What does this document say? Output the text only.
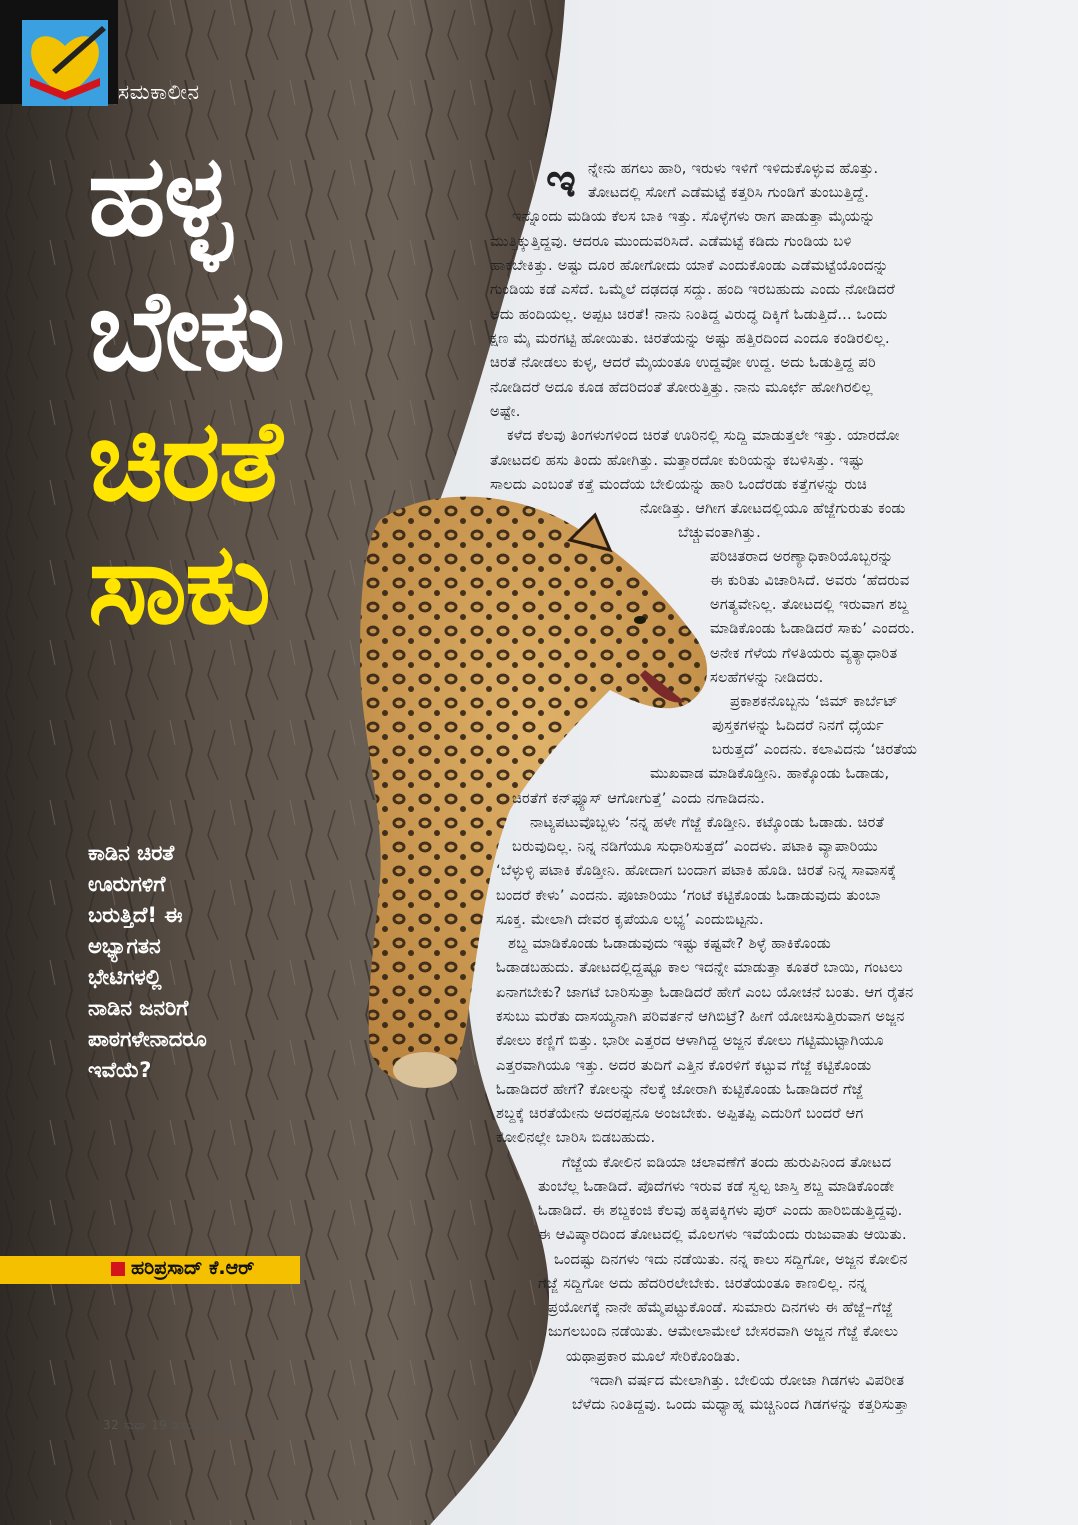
ಸಮಕಾಲೀನ
ಹಳ್ಳ
ಬೇಕು
ಚಿರತೆ
ಸಾಕು
ಕಾಡಿನ ಚಿರತೆ
ಊರುಗಳಿಗೆ
ಬರುತ್ತಿದೆ! ಈ
ಅಭ್ಯಾಗತನ
ಭೇಟಿಗಳಲ್ಲಿ
ನಾಡಿನ ಜನರಿಗೆ
ಪಾಠಗಳೇನಾದರೂ
ಇವೆಯೆ?
ಹರಿಪ್ರಸಾದ್ ಕೆ.ಆರ್
32 ಸುಧಾ 19 ಡಿಸೆಂಬರ್ 2024
ಇ ನ್ನೇನು ಹಗಲು ಹಾರಿ, ಇರುಳು ಇಳಿಗೆ ಇಳಿದುಕೊಳ್ಳುವ ಹೊತ್ತು.
ತೋಟದಲ್ಲಿ ಸೋಗೆ ಎಡೆಮಟ್ಟೆ ಕತ್ತರಿಸಿ ಗುಂಡಿಗೆ ತುಂಬುತ್ತಿದ್ದೆ.
ಇನ್ನೊಂದು ಮಡಿಯ ಕೆಲಸ ಬಾಕಿ ಇತ್ತು. ಸೊಳ್ಳೆಗಳು ರಾಗ ಪಾಡುತ್ತಾ ಮೈಯನ್ನು
ಮುತ್ತಿಕ್ಕುತ್ತಿದ್ದವು. ಆದರೂ ಮುಂದುವರಿಸಿದೆ. ಎಡೆಮಟ್ಟೆ ಕಡಿದು ಗುಂಡಿಯ ಬಳಿ
ಹಾಕಬೇಕಿತ್ತು. ಅಷ್ಟು ದೂರ ಹೋಗೋದು ಯಾಕೆ ಎಂದುಕೊಂಡು ಎಡೆಮಟ್ಟೆಯೊಂದನ್ನು
ಗುಂಡಿಯ ಕಡೆ ಎಸೆದೆ. ಒಮ್ಮೆಲೆ ದಢದಢ ಸದ್ದು. ಹಂದಿ ಇರಬಹುದು ಎಂದು ನೋಡಿದರೆ
ಅದು ಹಂದಿಯಲ್ಲ. ಅಪ್ಪಟ ಚಿರತೆ! ನಾನು ನಿಂತಿದ್ದ ವಿರುದ್ಧ ದಿಕ್ಕಿಗೆ ಓಡುತ್ತಿದೆ... ಒಂದು
ಕ್ಷಣ ಮೈ ಮರಗಟ್ಟಿ ಹೋಯಿತು. ಚಿರತೆಯನ್ನು ಅಷ್ಟು ಹತ್ತಿರದಿಂದ ಎಂದೂ ಕಂಡಿರಲಿಲ್ಲ.
ಚಿರತೆ ನೋಡಲು ಕುಳ್ಳ, ಆದರೆ ಮೈಯಂತೂ ಉದ್ದವೋ ಉದ್ದ. ಅದು ಓಡುತ್ತಿದ್ದ ಪರಿ
ನೋಡಿದರೆ ಅದೂ ಕೂಡ ಹೆದರಿದಂತೆ ತೋರುತ್ತಿತ್ತು. ನಾನು ಮೂರ್ಛೆ ಹೋಗಿರಲಿಲ್ಲ
ಅಷ್ಟೇ.
ಕಳೆದ ಕೆಲವು ತಿಂಗಳುಗಳಿಂದ ಚಿರತೆ ಊರಿನಲ್ಲಿ ಸುದ್ದಿ ಮಾಡುತ್ತಲೇ ಇತ್ತು. ಯಾರದೋ
ತೋಟದಲಿ ಹಸು ತಿಂದು ಹೋಗಿತ್ತು. ಮತ್ತಾರದೋ ಕುರಿಯನ್ನು ಕಬಳಿಸಿತ್ತು. ಇಷ್ಟು
ಸಾಲದು ಎಂಬಂತೆ ಕತ್ತೆ ಮಂದೆಯ ಬೇಲಿಯನ್ನು ಹಾರಿ ಒಂದೆರಡು ಕತ್ತೆಗಳನ್ನು ರುಚಿ
ನೋಡಿತ್ತು. ಆಗೀಗ ತೋಟದಲ್ಲಿಯೂ ಹೆಜ್ಜೆಗುರುತು ಕಂಡು
ಬೆಚ್ಚುವಂತಾಗಿತ್ತು.
ಪರಿಚಿತರಾದ ಅರಣ್ಯಾಧಿಕಾರಿಯೊಬ್ಬರನ್ನು
ಈ ಕುರಿತು ವಿಚಾರಿಸಿದೆ. ಅವರು ‘ಹೆದರುವ
ಅಗತ್ಯವೇನಿಲ್ಲ. ತೋಟದಲ್ಲಿ ಇರುವಾಗ ಶಬ್ದ
ಮಾಡಿಕೊಂಡು ಓಡಾಡಿದರೆ ಸಾಕು’ ಎಂದರು.
ಅನೇಕ ಗೆಳೆಯ ಗೆಳತಿಯರು ವ್ಯತ್ಯಾಧಾರಿತ
ಸಲಹೆಗಳನ್ನು ನೀಡಿದರು.
ಪ್ರಕಾಶಕನೊಬ್ಬನು ‘ಜಿಮ್ ಕಾರ್ಬೆಟ್
ಪುಸ್ತಕಗಳನ್ನು ಓದಿದರೆ ನಿನಗೆ ಧೈರ್ಯ
ಬರುತ್ತದೆ’ ಎಂದನು. ಕಲಾವಿದನು ‘ಚಿರತೆಯ
ಮುಖವಾಡ ಮಾಡಿಕೊಡ್ತೀನಿ. ಹಾಕ್ಕೊಂಡು ಓಡಾಡು,
ಚಿರತೆಗೆ ಕನ್‌ಫ್ಯೂಸ್ ಆಗೋಗುತ್ತೆ’ ಎಂದು ನಗಾಡಿದನು.
ನಾಟ್ಯಪಟುವೊಬ್ಬಳು ‘ನನ್ನ ಹಳೇ ಗೆಜ್ಜೆ ಕೊಡ್ತೀನಿ. ಕಟ್ಕೊಂಡು ಓಡಾಡು. ಚಿರತೆ
ಬರುವುದಿಲ್ಲ. ನಿನ್ನ ನಡಿಗೆಯೂ ಸುಧಾರಿಸುತ್ತದೆ’ ಎಂದಳು. ಪಟಾಕಿ ವ್ಯಾಪಾರಿಯು
‘ಬೆಳ್ಳುಳ್ಳಿ ಪಟಾಕಿ ಕೊಡ್ತೀನಿ. ಹೋದಾಗ ಬಂದಾಗ ಪಟಾಕಿ ಹೊಡಿ. ಚಿರತೆ ನಿನ್ನ ಸಾವಾಸಕ್ಕೆ
ಬಂದರೆ ಕೇಳು’ ಎಂದನು. ಪೂಜಾರಿಯು ‘ಗಂಟೆ ಕಟ್ಟಿಕೊಂಡು ಓಡಾಡುವುದು ತುಂಬಾ
ಸೂಕ್ತ. ಮೇಲಾಗಿ ದೇವರ ಕೃಪೆಯೂ ಲಭ್ಯ’ ಎಂದುಬಿಟ್ಟನು.
ಶಬ್ದ ಮಾಡಿಕೊಂಡು ಓಡಾಡುವುದು ಇಷ್ಟು ಕಷ್ಟವೇ? ಶಿಳ್ಳೆ ಹಾಕಿಕೊಂಡು
ಓಡಾಡಬಹುದು. ತೋಟದಲ್ಲಿದ್ದಷ್ಟೂ ಕಾಲ ಇದನ್ನೇ ಮಾಡುತ್ತಾ ಕೂತರೆ ಬಾಯಿ, ಗಂಟಲು
ಏನಾಗಬೇಕು? ಜಾಗಟೆ ಬಾರಿಸುತ್ತಾ ಓಡಾಡಿದರೆ ಹೇಗೆ ಎಂಬ ಯೋಚನೆ ಬಂತು. ಆಗ ರೈತನ
ಕಸುಬು ಮರೆತು ದಾಸಯ್ಯನಾಗಿ ಪರಿವರ್ತನೆ ಆಗಿಬಿಟ್ರೆ? ಹೀಗೆ ಯೋಚಿಸುತ್ತಿರುವಾಗ ಅಜ್ಜನ
ಕೋಲು ಕಣ್ಣಿಗೆ ಬಿತ್ತು. ಭಾರೀ ಎತ್ತರದ ಆಳಾಗಿದ್ದ ಅಜ್ಜನ ಕೋಲು ಗಟ್ಟಿಮುಟ್ಟಾಗಿಯೂ
ಎತ್ತರವಾಗಿಯೂ ಇತ್ತು. ಅದರ ತುದಿಗೆ ಎತ್ತಿನ ಕೊರಳಿಗೆ ಕಟ್ಟುವ ಗೆಜ್ಜೆ ಕಟ್ಟಿಕೊಂಡು
ಓಡಾಡಿದರೆ ಹೇಗೆ? ಕೋಲನ್ನು ನೆಲಕ್ಕೆ ಜೋರಾಗಿ ಕುಟ್ಟಿಕೊಂಡು ಓಡಾಡಿದರೆ ಗೆಜ್ಜೆ
ಶಬ್ದಕ್ಕೆ ಚಿರತೆಯೇನು ಅದರಪ್ಪನೂ ಅಂಜಬೇಕು. ಅಪ್ಪಿತಪ್ಪಿ ಎದುರಿಗೆ ಬಂದರೆ ಆಗ
ಕೋಲಿನಲ್ಲೇ ಬಾರಿಸಿ ಬಿಡಬಹುದು.
ಗೆಜ್ಜೆಯ ಕೋಲಿನ ಐಡಿಯಾ ಚಲಾವಣೆಗೆ ತಂದು ಹುರುಪಿನಿಂದ ತೋಟದ
ತುಂಬೆಲ್ಲ ಓಡಾಡಿದೆ. ಪೊದೆಗಳು ಇರುವ ಕಡೆ ಸ್ವಲ್ಪ ಜಾಸ್ತಿ ಶಬ್ದ ಮಾಡಿಕೊಂಡೇ
ಓಡಾಡಿದೆ. ಈ ಶಬ್ದಕಂಜಿ ಕೆಲವು ಹಕ್ಕಿಪಕ್ಕಿಗಳು ಪುರ್ ಎಂದು ಹಾರಿಬಿಡುತ್ತಿದ್ದವು.
ಈ ಆವಿಷ್ಕಾರದಿಂದ ತೋಟದಲ್ಲಿ ಮೊಲಗಳು ಇವೆಯೆಂದು ರುಜುವಾತು ಆಯಿತು.
ಒಂದಷ್ಟು ದಿನಗಳು ಇದು ನಡೆಯಿತು. ನನ್ನ ಕಾಲು ಸದ್ದಿಗೋ, ಅಜ್ಜನ ಕೋಲಿನ
ಗೆಜ್ಜೆ ಸದ್ದಿಗೋ ಅದು ಹೆದರಿರಲೇಬೇಕು. ಚಿರತೆಯಂತೂ ಕಾಣಲಿಲ್ಲ. ನನ್ನ
ಪ್ರಯೋಗಕ್ಕೆ ನಾನೇ ಹೆಮ್ಮೆಪಟ್ಟುಕೊಂಡೆ. ಸುಮಾರು ದಿನಗಳು ಈ ಹೆಜ್ಜೆ–ಗೆಜ್ಜೆ
ಜುಗಲಬಂದಿ ನಡೆಯಿತು. ಆಮೇಲಾಮೇಲೆ ಬೇಸರವಾಗಿ ಅಜ್ಜನ ಗೆಜ್ಜೆ ಕೋಲು
ಯಥಾಪ್ರಕಾರ ಮೂಲೆ ಸೇರಿಕೊಂಡಿತು.
ಇದಾಗಿ ವರ್ಷದ ಮೇಲಾಗಿತ್ತು. ಬೇಲಿಯ ರೋಜಾ ಗಿಡಗಳು ವಿಪರೀತ
ಬೆಳೆದು ನಿಂತಿದ್ದವು. ಒಂದು ಮಧ್ಯಾಹ್ನ ಮಚ್ಚಿನಿಂದ ಗಿಡಗಳನ್ನು ಕತ್ತರಿಸುತ್ತಾ
